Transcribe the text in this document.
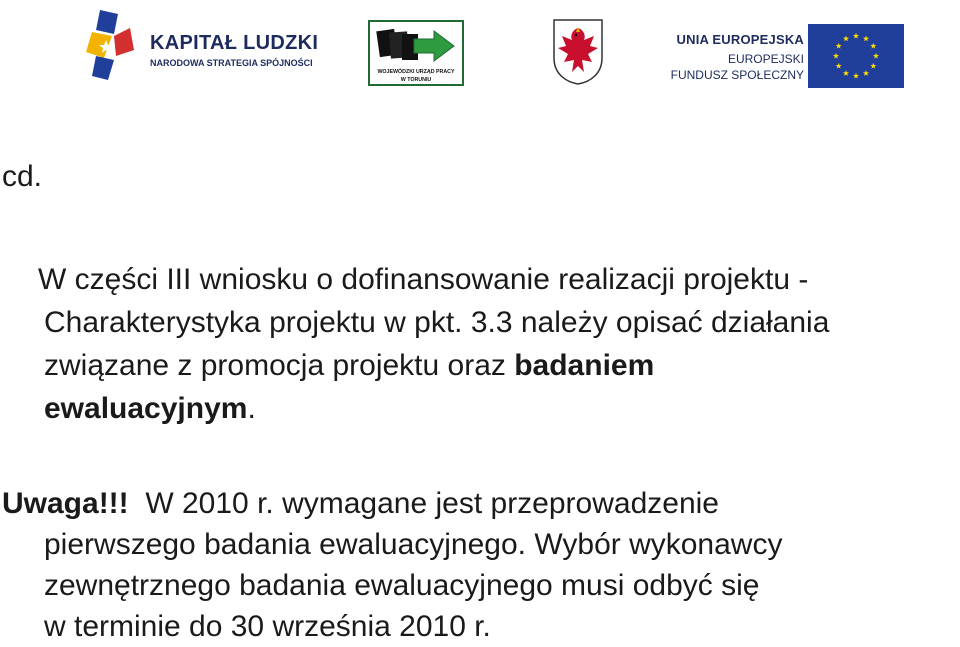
KAPITAŁ LUDZKI
NARODOWA STRATEGIA SPÓJNOŚCI
WOJEWÓDZKI URZĄD PRACY
W TORUNIU
UNIA EUROPEJSKA
EUROPEJSKI
FUNDUSZ SPOŁECZNY
cd.
W części III wniosku o dofinansowanie realizacji projektu -
Charakterystyka projektu w pkt. 3.3 należy opisać działania
związane z promocja projektu oraz badaniem
ewaluacyjnym.
Uwaga!!!  W 2010 r. wymagane jest przeprowadzenie
pierwszego badania ewaluacyjnego. Wybór wykonawcy
zewnętrznego badania ewaluacyjnego musi odbyć się
w terminie do 30 września 2010 r.
